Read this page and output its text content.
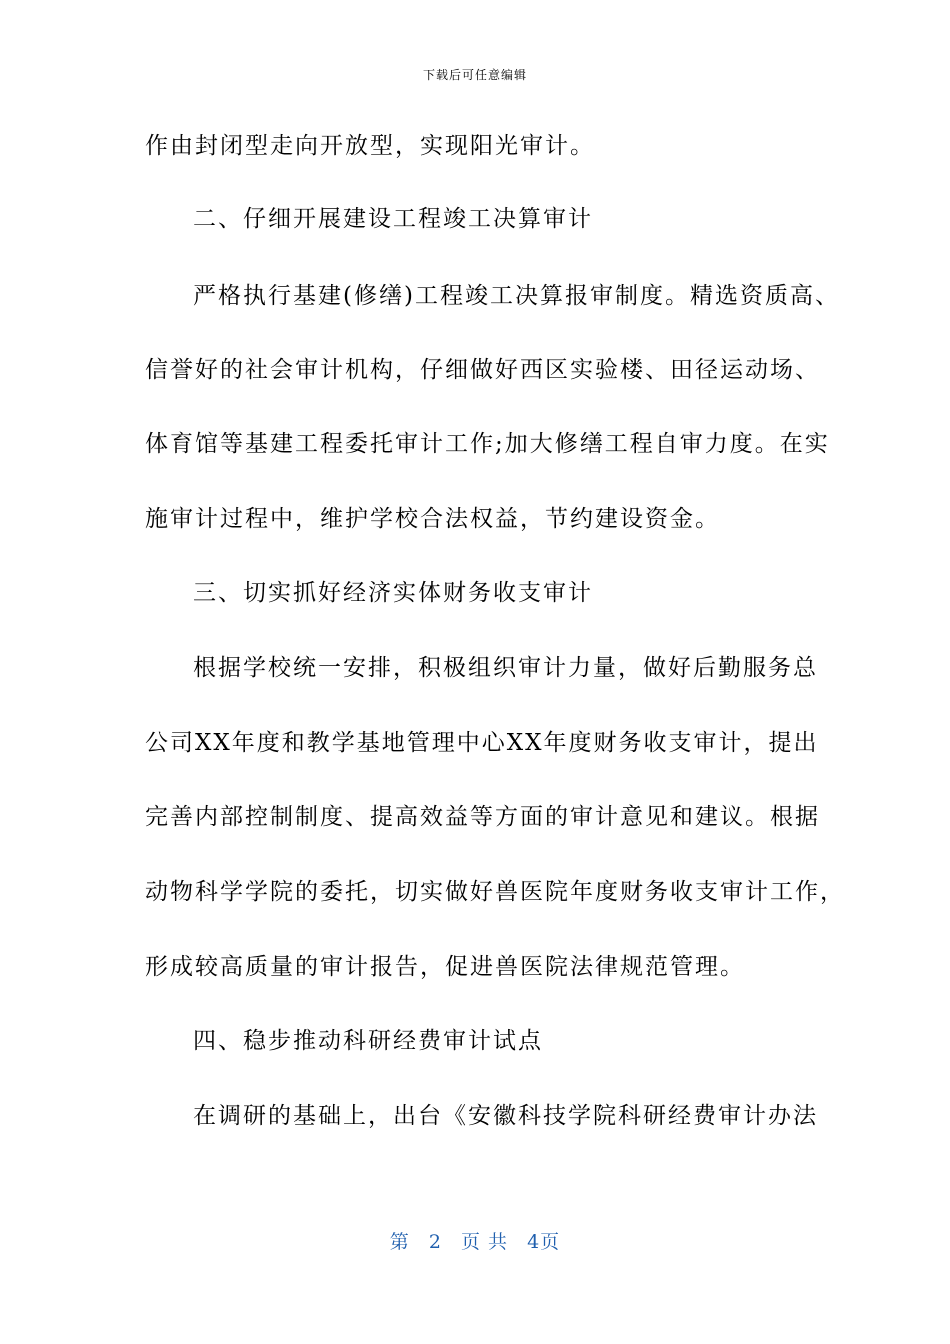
下载后可任意编辑
作由封闭型走向开放型，实现阳光审计。
二、仔细开展建设工程竣工决算审计
严格执行基建(修缮)工程竣工决算报审制度。精选资质高、
信誉好的社会审计机构，仔细做好西区实验楼、田径运动场、
体育馆等基建工程委托审计工作;加大修缮工程自审力度。在实
施审计过程中，维护学校合法权益，节约建设资金。
三、切实抓好经济实体财务收支审计
根据学校统一安排，积极组织审计力量，做好后勤服务总
公司XX年度和教学基地管理中心XX年度财务收支审计，提出
完善内部控制制度、提高效益等方面的审计意见和建议。根据
动物科学学院的委托，切实做好兽医院年度财务收支审计工作，
形成较高质量的审计报告，促进兽医院法律规范管理。
四、稳步推动科研经费审计试点
在调研的基础上，出台《安徽科技学院科研经费审计办法
第 2 页 共 4页
